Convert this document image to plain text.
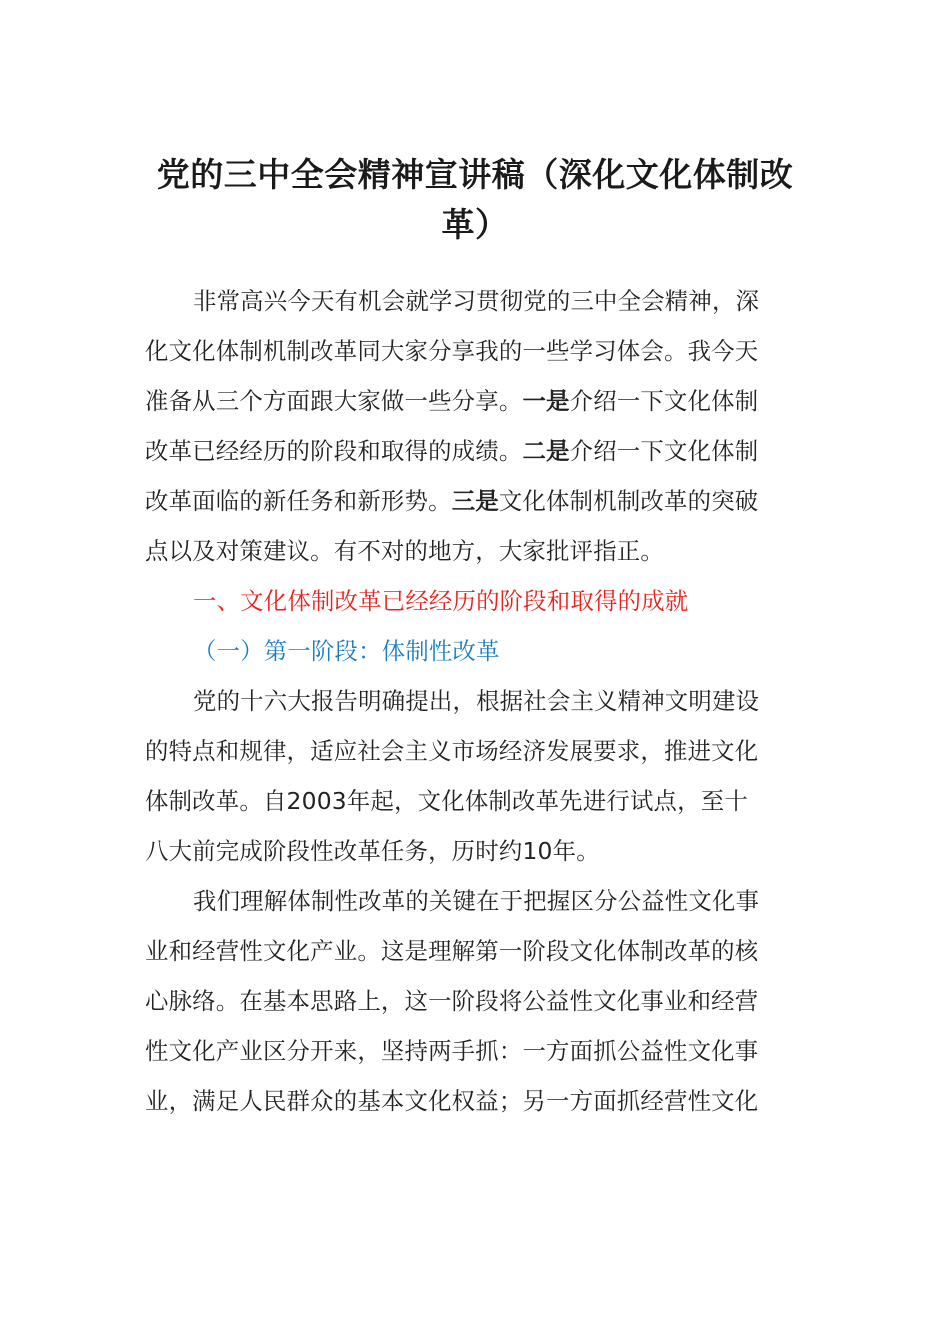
党的三中全会精神宣讲稿（深化文化体制改
革）
非常高兴今天有机会就学习贯彻党的三中全会精神，深
化文化体制机制改革同大家分享我的一些学习体会。我今天
准备从三个方面跟大家做一些分享。一是介绍一下文化体制
改革已经经历的阶段和取得的成绩。二是介绍一下文化体制
改革面临的新任务和新形势。三是文化体制机制改革的突破
点以及对策建议。有不对的地方，大家批评指正。
一、文化体制改革已经经历的阶段和取得的成就
（一）第一阶段：体制性改革
党的十六大报告明确提出，根据社会主义精神文明建设
的特点和规律，适应社会主义市场经济发展要求，推进文化
体制改革。自2003年起，文化体制改革先进行试点，至十
八大前完成阶段性改革任务，历时约10年。
我们理解体制性改革的关键在于把握区分公益性文化事
业和经营性文化产业。这是理解第一阶段文化体制改革的核
心脉络。在基本思路上，这一阶段将公益性文化事业和经营
性文化产业区分开来，坚持两手抓：一方面抓公益性文化事
业，满足人民群众的基本文化权益；另一方面抓经营性文化
